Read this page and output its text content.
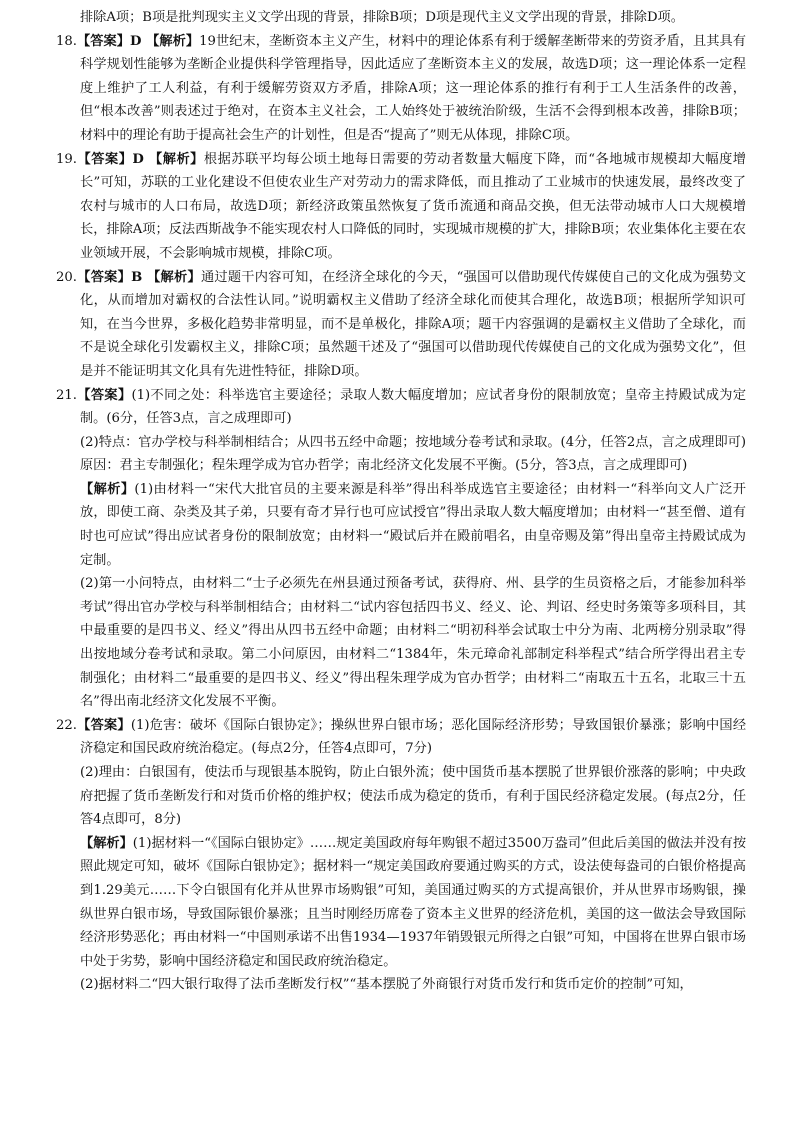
排除A项；B项是批判现实主义文学出现的背景，排除B项；D项是现代主义文学出现的背景，排除D项。

18.【答案】D 【解析】19世纪末，垄断资本主义产生，材料中的理论体系有利于缓解垄断带来的劳资矛盾，且其具有科学规划性能够为垄断企业提供科学管理指导，因此适应了垄断资本主义的发展，故选D项；这一理论体系一定程度上维护了工人利益，有利于缓解劳资双方矛盾，排除A项；这一理论体系的推行有利于工人生活条件的改善，但“根本改善”则表述过于绝对，在资本主义社会，工人始终处于被统治阶级，生活不会得到根本改善，排除B项；材料中的理论有助于提高社会生产的计划性，但是否“提高了”则无从体现，排除C项。

19.【答案】D 【解析】根据苏联平均每公顷土地每日需要的劳动者数量大幅度下降，而“各地城市规模却大幅度增长”可知，苏联的工业化建设不但使农业生产对劳动力的需求降低，而且推动了工业城市的快速发展，最终改变了农村与城市的人口布局，故选D项；新经济政策虽然恢复了货币流通和商品交换，但无法带动城市人口大规模增长，排除A项；反法西斯战争不能实现农村人口降低的同时，实现城市规模的扩大，排除B项；农业集体化主要在农业领域开展，不会影响城市规模，排除C项。

20.【答案】B 【解析】通过题干内容可知，在经济全球化的今天，“强国可以借助现代传媒使自己的文化成为强势文化，从而增加对霸权的合法性认同。”说明霸权主义借助了经济全球化而使其合理化，故选B项；根据所学知识可知，在当今世界，多极化趋势非常明显，而不是单极化，排除A项；题干内容强调的是霸权主义借助了全球化，而不是说全球化引发霸权主义，排除C项；虽然题干述及了“强国可以借助现代传媒使自己的文化成为强势文化”，但是并不能证明其文化具有先进性特征，排除D项。

21.【答案】(1)不同之处：科举选官主要途径；录取人数大幅度增加；应试者身份的限制放宽；皇帝主持殿试成为定制。(6分，任答3点，言之成理即可)

(2)特点：官办学校与科举制相结合；从四书五经中命题；按地域分卷考试和录取。(4分，任答2点，言之成理即可)原因：君主专制强化；程朱理学成为官办哲学；南北经济文化发展不平衡。(5分，答3点，言之成理即可)

【解析】(1)由材料一“宋代大批官员的主要来源是科举”得出科举成选官主要途径；由材料一“科举向文人广泛开放，即使工商、杂类及其子弟，只要有奇才异行也可应试授官”得出录取人数大幅度增加；由材料一“甚至僧、道有时也可应试”得出应试者身份的限制放宽；由材料一“殿试后并在殿前唱名，由皇帝赐及第”得出皇帝主持殿试成为定制。

(2)第一小问特点，由材料二“士子必须先在州县通过预备考试，获得府、州、县学的生员资格之后，才能参加科举考试”得出官办学校与科举制相结合；由材料二“试内容包括四书义、经义、论、判诏、经史时务策等多项科目，其中最重要的是四书义、经义”得出从四书五经中命题；由材料二“明初科举会试取士中分为南、北两榜分别录取”得出按地域分卷考试和录取。第二小问原因，由材料二“1384年，朱元璋命礼部制定科举程式”结合所学得出君主专制强化；由材料二“最重要的是四书义、经义”得出程朱理学成为官办哲学；由材料二“南取五十五名，北取三十五名”得出南北经济文化发展不平衡。

22.【答案】(1)危害：破坏《国际白银协定》；操纵世界白银市场；恶化国际经济形势；导致国银价暴涨；影响中国经济稳定和国民政府统治稳定。(每点2分，任答4点即可，7分)

(2)理由：白银国有，使法币与现银基本脱钩，防止白银外流；使中国货币基本摆脱了世界银价涨落的影响；中央政府把握了货币垄断发行和对货币价格的维护权；使法币成为稳定的货币，有利于国民经济稳定发展。(每点2分，任答4点即可，8分)

【解析】(1)据材料一“《国际白银协定》……规定美国政府每年购银不超过3500万盎司”但此后美国的做法并没有按照此规定可知，破坏《国际白银协定》；据材料一“规定美国政府要通过购买的方式，设法使每盎司的白银价格提高到1.29美元……下令白银国有化并从世界市场购银”可知，美国通过购买的方式提高银价，并从世界市场购银，操纵世界白银市场，导致国际银价暴涨；且当时刚经历席卷了资本主义世界的经济危机，美国的这一做法会导致国际经济形势恶化；再由材料一“中国则承诺不出售1934—1937年销毁银元所得之白银”可知，中国将在世界白银市场中处于劣势，影响中国经济稳定和国民政府统治稳定。

(2)据材料二“四大银行取得了法币垄断发行权”“基本摆脱了外商银行对货币发行和货币定价的控制”可知，
